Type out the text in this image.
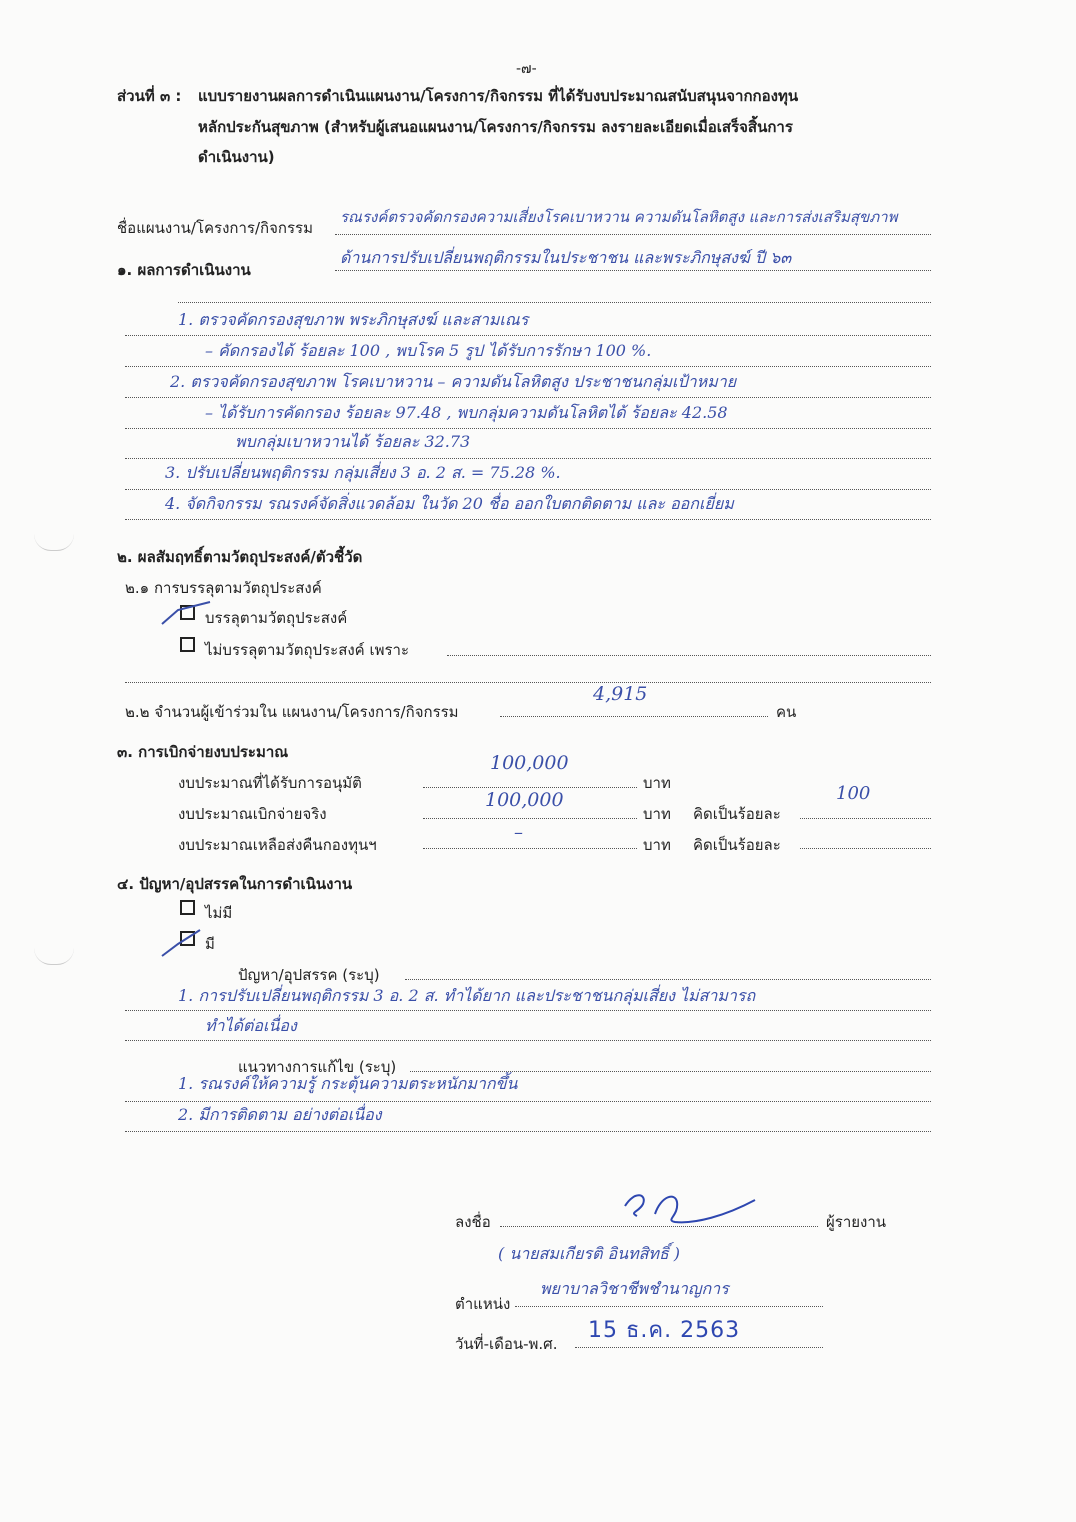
-๗-
ส่วนที่ ๓ : แบบรายงานผลการดำเนินแผนงาน/โครงการ/กิจกรรม ที่ได้รับงบประมาณสนับสนุนจากกองทุน
หลักประกันสุขภาพ (สำหรับผู้เสนอแผนงาน/โครงการ/กิจกรรม ลงรายละเอียดเมื่อเสร็จสิ้นการ
ดำเนินงาน)
ชื่อแผนงาน/โครงการ/กิจกรรม
รณรงค์ตรวจคัดกรองความเสี่ยงโรคเบาหวาน ความดันโลหิตสูง และการส่งเสริมสุขภาพ
ด้านการปรับเปลี่ยนพฤติกรรมในประชาชน และพระภิกษุสงฆ์ ปี ๖๓
๑. ผลการดำเนินงาน
1. ตรวจคัดกรองสุขภาพ พระภิกษุสงฆ์ และสามเณร
– คัดกรองได้ ร้อยละ 100 , พบโรค 5 รูป ได้รับการรักษา 100 %.
2. ตรวจคัดกรองสุขภาพ โรคเบาหวาน – ความดันโลหิตสูง ประชาชนกลุ่มเป้าหมาย
– ได้รับการคัดกรอง ร้อยละ 97.48 , พบกลุ่มความดันโลหิตได้ ร้อยละ 42.58
พบกลุ่มเบาหวานได้ ร้อยละ 32.73
3. ปรับเปลี่ยนพฤติกรรม กลุ่มเสี่ยง 3 อ. 2 ส. = 75.28 %.
4. จัดกิจกรรม รณรงค์จัดสิ่งแวดล้อม ในวัด 20 ชื่อ ออกใบตกติดตาม และ ออกเยี่ยม
๒. ผลสัมฤทธิ์ตามวัตถุประสงค์/ตัวชี้วัด
๒.๑ การบรรลุตามวัตถุประสงค์
บรรลุตามวัตถุประสงค์
ไม่บรรลุตามวัตถุประสงค์ เพราะ
๒.๒ จำนวนผู้เข้าร่วมใน แผนงาน/โครงการ/กิจกรรม
4,915
คน
๓. การเบิกจ่ายงบประมาณ
งบประมาณที่ได้รับการอนุมัติ
100,000
บาท
งบประมาณเบิกจ่ายจริง
100,000
บาท คิดเป็นร้อยละ
100
งบประมาณเหลือส่งคืนกองทุนฯ
–
บาท คิดเป็นร้อยละ
๔. ปัญหา/อุปสรรคในการดำเนินงาน
ไม่มี
มี
ปัญหา/อุปสรรค (ระบุ)
1. การปรับเปลี่ยนพฤติกรรม 3 อ. 2 ส. ทำได้ยาก และประชาชนกลุ่มเสี่ยง ไม่สามารถ
ทำได้ต่อเนื่อง
แนวทางการแก้ไข (ระบุ)
1. รณรงค์ให้ความรู้ กระตุ้นความตระหนักมากขึ้น
2. มีการติดตาม อย่างต่อเนื่อง
ลงชื่อ	ผู้รายงาน
( นายสมเกียรติ อินทสิทธิ์ )
ตำแหน่ง
พยาบาลวิชาชีพชำนาญการ
วันที่-เดือน-พ.ศ.
15 ธ.ค. 2563
